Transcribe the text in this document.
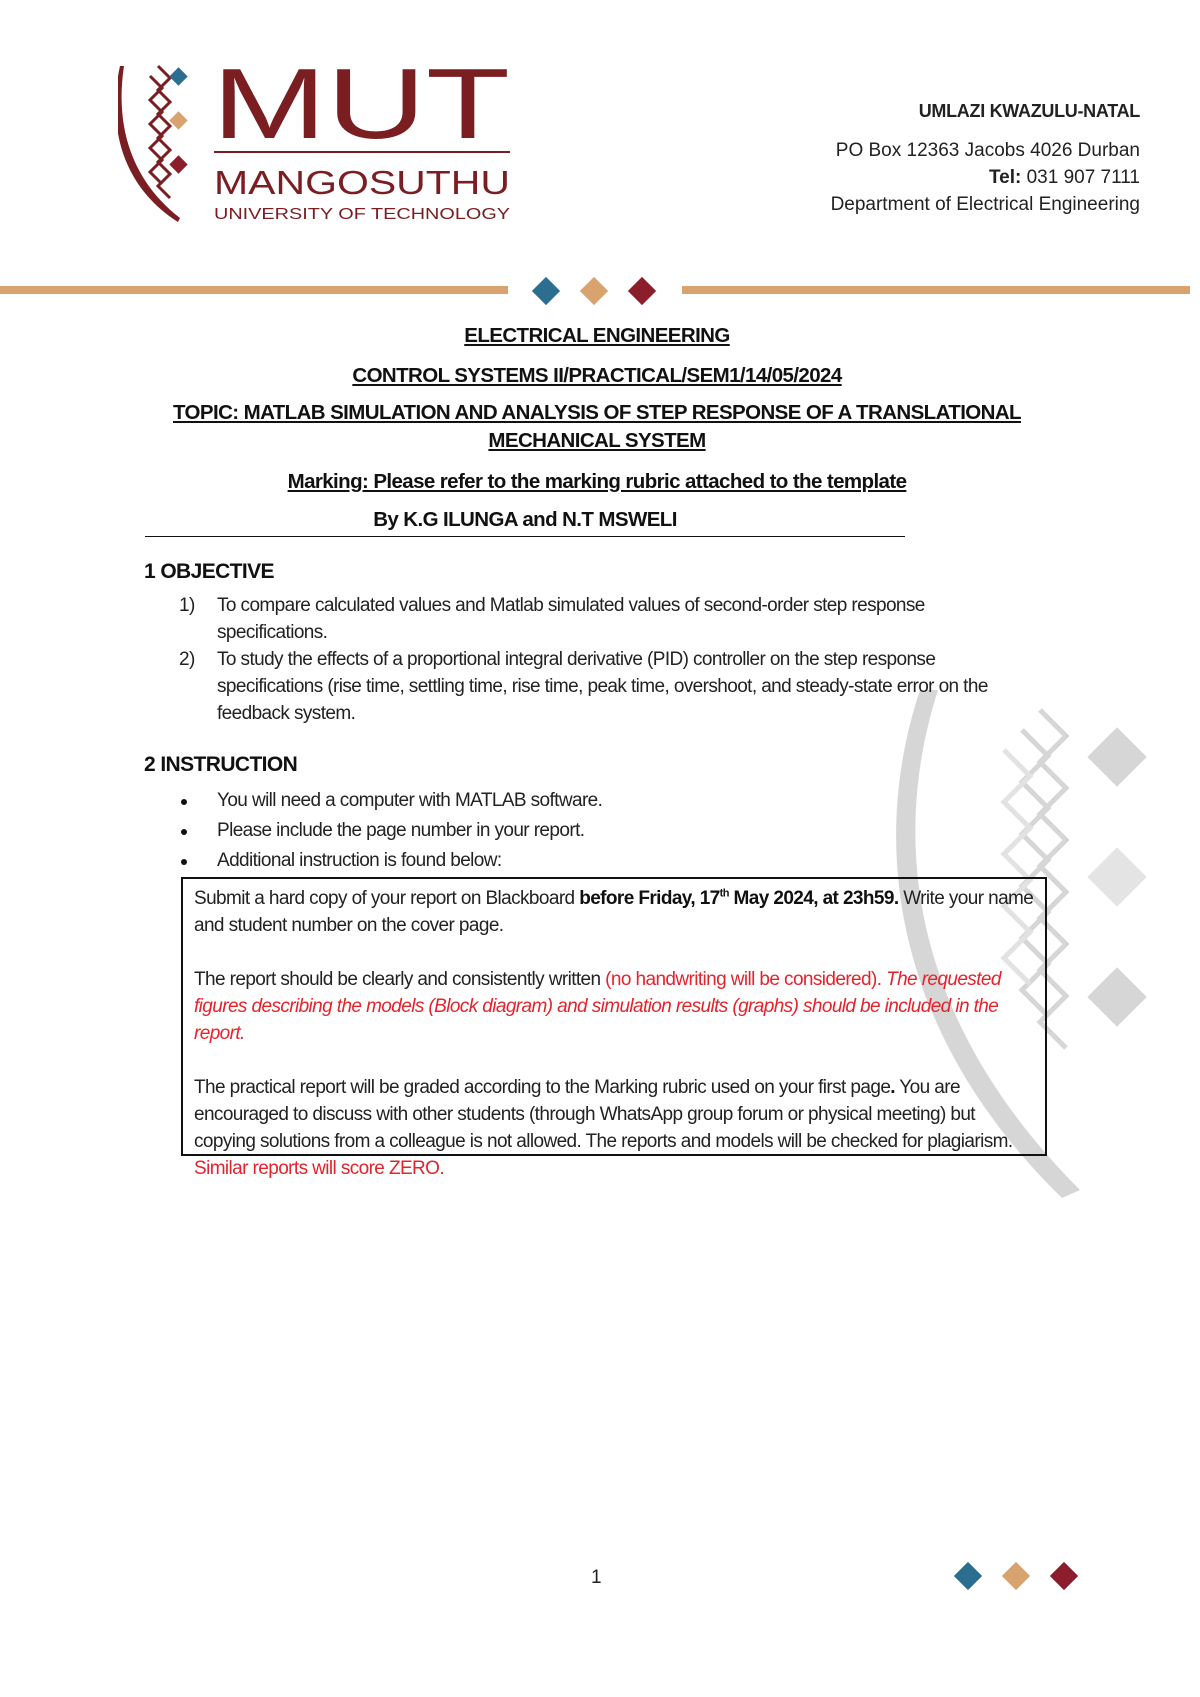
MUT
MANGOSUTHU
UNIVERSITY OF TECHNOLOGY
UMLAZI KWAZULU-NATAL
PO Box 12363 Jacobs 4026 Durban
Tel: 031 907 7111
Department of Electrical Engineering
ELECTRICAL ENGINEERING
CONTROL SYSTEMS II/PRACTICAL/SEM1/14/05/2024
TOPIC: MATLAB SIMULATION AND ANALYSIS OF STEP RESPONSE OF A TRANSLATIONAL MECHANICAL SYSTEM
Marking: Please refer to the marking rubric attached to the template
By K.G ILUNGA and N.T MSWELI
1 OBJECTIVE
1) To compare calculated values and Matlab simulated values of second-order step response specifications.
2) To study the effects of a proportional integral derivative (PID) controller on the step response specifications (rise time, settling time, rise time, peak time, overshoot, and steady-state error on the feedback system.
2 INSTRUCTION
You will need a computer with MATLAB software.
Please include the page number in your report.
Additional instruction is found below:

Submit a hard copy of your report on Blackboard before Friday, 17th May 2024, at 23h59. Write your name and student number on the cover page.

The report should be clearly and consistently written (no handwriting will be considered). The requested figures describing the models (Block diagram) and simulation results (graphs) should be included in the report.

The practical report will be graded according to the Marking rubric used on your first page. You are encouraged to discuss with other students (through WhatsApp group forum or physical meeting) but copying solutions from a colleague is not allowed. The reports and models will be checked for plagiarism. Similar reports will score ZERO.

1
